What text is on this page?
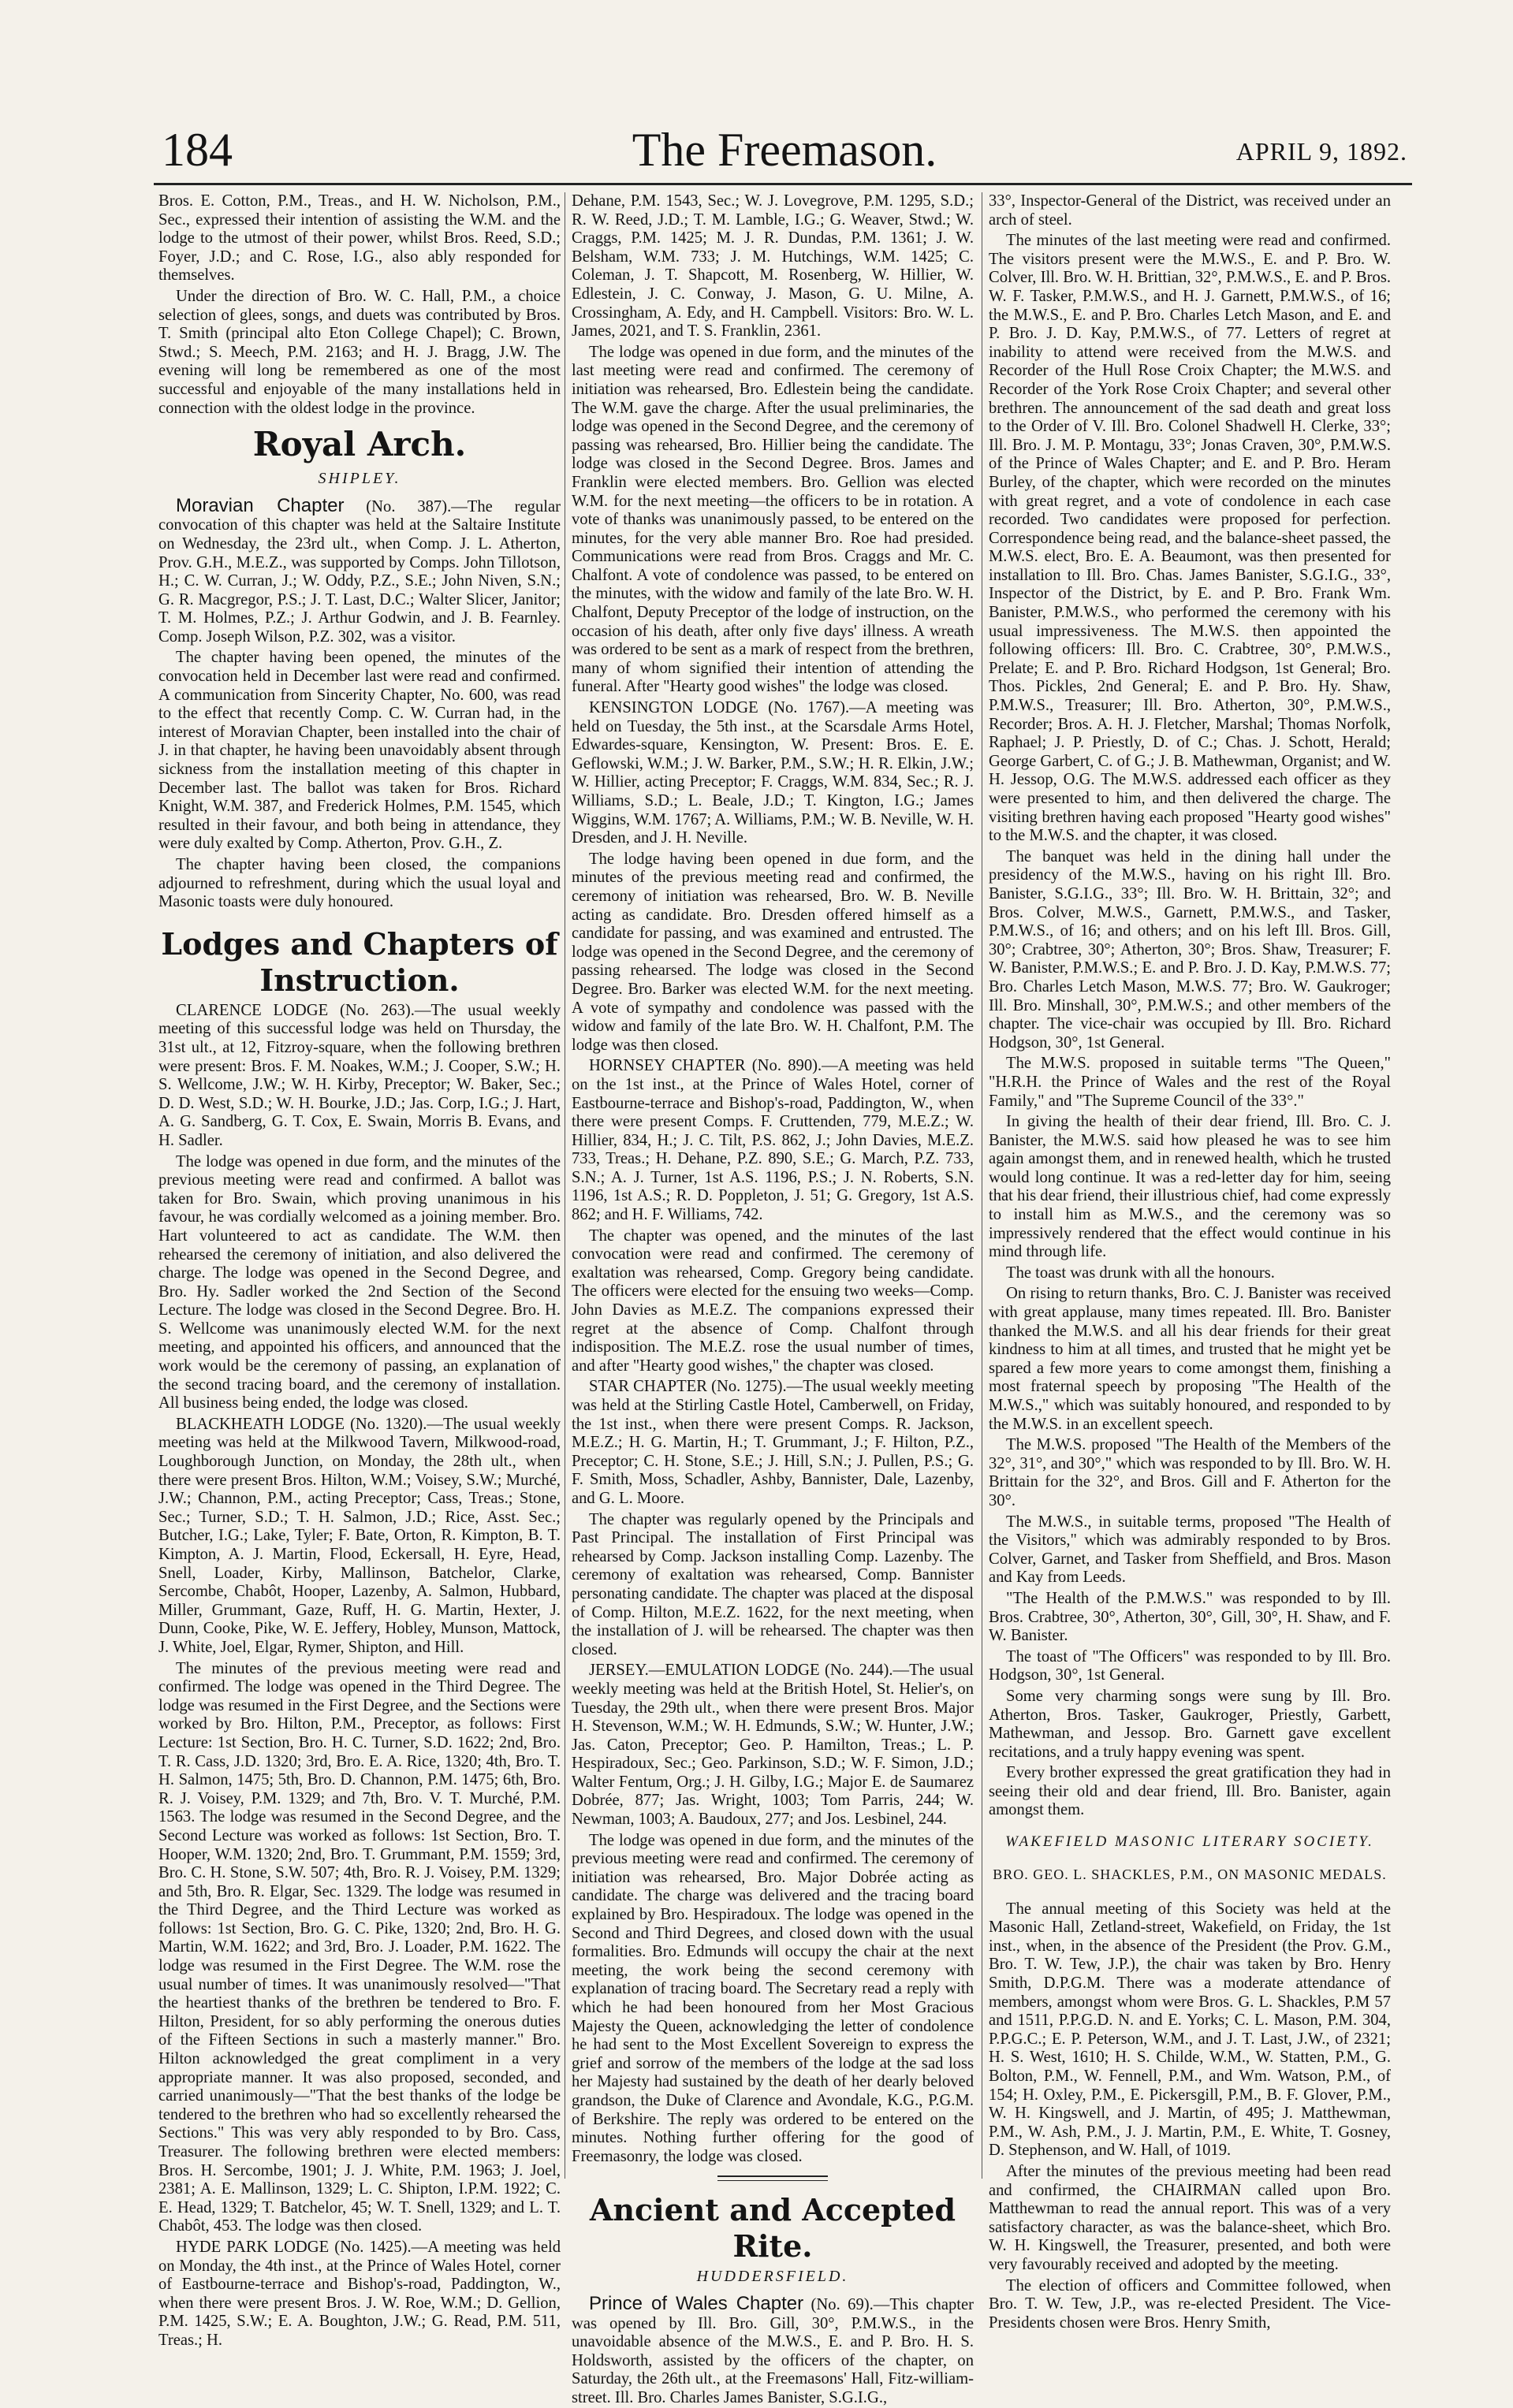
184	The Freemason.	APRIL 9, 1892.

Bros. E. Cotton, P.M., Treas., and H. W. Nicholson, P.M., Sec., expressed their intention of assisting the W.M. and the lodge to the utmost of their power, whilst Bros. Reed, S.D.; Foyer, J.D.; and C. Rose, I.G., also ably responded for themselves.

Under the direction of Bro. W. C. Hall, P.M., a choice selection of glees, songs, and duets was contributed by Bros. T. Smith (principal alto Eton College Chapel); C. Brown, Stwd.; S. Meech, P.M. 2163; and H. J. Bragg, J.W. The evening will long be remembered as one of the most successful and enjoyable of the many installations held in connection with the oldest lodge in the province.

Royal Arch.
SHIPLEY.

Moravian Chapter (No. 387).—The regular convocation of this chapter was held at the Saltaire Institute on Wednesday, the 23rd ult., when Comp. J. L. Atherton, Prov. G.H., M.E.Z., was supported by Comps. John Tillotson, H.; C. W. Curran, J.; W. Oddy, P.Z., S.E.; John Niven, S.N.; G. R. Macgregor, P.S.; J. T. Last, D.C.; Walter Slicer, Janitor; T. M. Holmes, P.Z.; J. Arthur Godwin, and J. B. Fearnley. Comp. Joseph Wilson, P.Z. 302, was a visitor.

The chapter having been opened, the minutes of the convocation held in December last were read and confirmed. A communication from Sincerity Chapter, No. 600, was read to the effect that recently Comp. C. W. Curran had, in the interest of Moravian Chapter, been installed into the chair of J. in that chapter, he having been unavoidably absent through sickness from the installation meeting of this chapter in December last. The ballot was taken for Bros. Richard Knight, W.M. 387, and Frederick Holmes, P.M. 1545, which resulted in their favour, and both being in attendance, they were duly exalted by Comp. Atherton, Prov. G.H., Z.

The chapter having been closed, the companions adjourned to refreshment, during which the usual loyal and Masonic toasts were duly honoured.

Lodges and Chapters of
Instruction.

CLARENCE LODGE (No. 263).—The usual weekly meeting of this successful lodge was held on Thursday, the 31st ult., at 12, Fitzroy-square, when the following brethren were present: Bros. F. M. Noakes, W.M.; J. Cooper, S.W.; H. S. Wellcome, J.W.; W. H. Kirby, Preceptor; W. Baker, Sec.; D. D. West, S.D.; W. H. Bourke, J.D.; Jas. Corp, I.G.; J. Hart, A. G. Sandberg, G. T. Cox, E. Swain, Morris B. Evans, and H. Sadler.

The lodge was opened in due form, and the minutes of the previous meeting were read and confirmed. A ballot was taken for Bro. Swain, which proving unanimous in his favour, he was cordially welcomed as a joining member. Bro. Hart volunteered to act as candidate. The W.M. then rehearsed the ceremony of initiation, and also delivered the charge. The lodge was opened in the Second Degree, and Bro. Hy. Sadler worked the 2nd Section of the Second Lecture. The lodge was closed in the Second Degree. Bro. H. S. Wellcome was unanimously elected W.M. for the next meeting, and appointed his officers, and announced that the work would be the ceremony of passing, an explanation of the second tracing board, and the ceremony of installation. All business being ended, the lodge was closed.

BLACKHEATH LODGE (No. 1320).—The usual weekly meeting was held at the Milkwood Tavern, Milkwood-road, Loughborough Junction, on Monday, the 28th ult., when there were present Bros. Hilton, W.M.; Voisey, S.W.; Murché, J.W.; Channon, P.M., acting Preceptor; Cass, Treas.; Stone, Sec.; Turner, S.D.; T. H. Salmon, J.D.; Rice, Asst. Sec.; Butcher, I.G.; Lake, Tyler; F. Bate, Orton, R. Kimpton, B. T. Kimpton, A. J. Martin, Flood, Eckersall, H. Eyre, Head, Snell, Loader, Kirby, Mallinson, Batchelor, Clarke, Sercombe, Chabôt, Hooper, Lazenby, A. Salmon, Hubbard, Miller, Grummant, Gaze, Ruff, H. G. Martin, Hexter, J. Dunn, Cooke, Pike, W. E. Jeffery, Hobley, Munson, Mattock, J. White, Joel, Elgar, Rymer, Shipton, and Hill.

The minutes of the previous meeting were read and confirmed. The lodge was opened in the Third Degree. The lodge was resumed in the First Degree, and the Sections were worked by Bro. Hilton, P.M., Preceptor, as follows: First Lecture: 1st Section, Bro. H. C. Turner, S.D. 1622; 2nd, Bro. T. R. Cass, J.D. 1320; 3rd, Bro. E. A. Rice, 1320; 4th, Bro. T. H. Salmon, 1475; 5th, Bro. D. Channon, P.M. 1475; 6th, Bro. R. J. Voisey, P.M. 1329; and 7th, Bro. V. T. Murché, P.M. 1563. The lodge was resumed in the Second Degree, and the Second Lecture was worked as follows: 1st Section, Bro. T. Hooper, W.M. 1320; 2nd, Bro. T. Grummant, P.M. 1559; 3rd, Bro. C. H. Stone, S.W. 507; 4th, Bro. R. J. Voisey, P.M. 1329; and 5th, Bro. R. Elgar, Sec. 1329. The lodge was resumed in the Third Degree, and the Third Lecture was worked as follows: 1st Section, Bro. G. C. Pike, 1320; 2nd, Bro. H. G. Martin, W.M. 1622; and 3rd, Bro. J. Loader, P.M. 1622. The lodge was resumed in the First Degree. The W.M. rose the usual number of times. It was unanimously resolved—"That the heartiest thanks of the brethren be tendered to Bro. F. Hilton, President, for so ably performing the onerous duties of the Fifteen Sections in such a masterly manner." Bro. Hilton acknowledged the great compliment in a very appropriate manner. It was also proposed, seconded, and carried unanimously—"That the best thanks of the lodge be tendered to the brethren who had so excellently rehearsed the Sections." This was very ably responded to by Bro. Cass, Treasurer. The following brethren were elected members: Bros. H. Sercombe, 1901; J. J. White, P.M. 1963; J. Joel, 2381; A. E. Mallinson, 1329; L. C. Shipton, I.P.M. 1922; C. E. Head, 1329; T. Batchelor, 45; W. T. Snell, 1329; and L. T. Chabôt, 453. The lodge was then closed.

HYDE PARK LODGE (No. 1425).—A meeting was held on Monday, the 4th inst., at the Prince of Wales Hotel, corner of Eastbourne-terrace and Bishop's-road, Paddington, W., when there were present Bros. J. W. Roe, W.M.; D. Gellion, P.M. 1425, S.W.; E. A. Boughton, J.W.; G. Read, P.M. 511, Treas.; H.

Dehane, P.M. 1543, Sec.; W. J. Lovegrove, P.M. 1295, S.D.; R. W. Reed, J.D.; T. M. Lamble, I.G.; G. Weaver, Stwd.; W. Craggs, P.M. 1425; M. J. R. Dundas, P.M. 1361; J. W. Belsham, W.M. 733; J. M. Hutchings, W.M. 1425; C. Coleman, J. T. Shapcott, M. Rosenberg, W. Hillier, W. Edlestein, J. C. Conway, J. Mason, G. U. Milne, A. Crossingham, A. Edy, and H. Campbell. Visitors: Bro. W. L. James, 2021, and T. S. Franklin, 2361.

The lodge was opened in due form, and the minutes of the last meeting were read and confirmed. The ceremony of initiation was rehearsed, Bro. Edlestein being the candidate. The W.M. gave the charge. After the usual preliminaries, the lodge was opened in the Second Degree, and the ceremony of passing was rehearsed, Bro. Hillier being the candidate. The lodge was closed in the Second Degree. Bros. James and Franklin were elected members. Bro. Gellion was elected W.M. for the next meeting—the officers to be in rotation. A vote of thanks was unanimously passed, to be entered on the minutes, for the very able manner Bro. Roe had presided. Communications were read from Bros. Craggs and Mr. C. Chalfont. A vote of condolence was passed, to be entered on the minutes, with the widow and family of the late Bro. W. H. Chalfont, Deputy Preceptor of the lodge of instruction, on the occasion of his death, after only five days' illness. A wreath was ordered to be sent as a mark of respect from the brethren, many of whom signified their intention of attending the funeral. After "Hearty good wishes" the lodge was closed.

KENSINGTON LODGE (No. 1767).—A meeting was held on Tuesday, the 5th inst., at the Scarsdale Arms Hotel, Edwardes-square, Kensington, W. Present: Bros. E. E. Geflowski, W.M.; J. W. Barker, P.M., S.W.; H. R. Elkin, J.W.; W. Hillier, acting Preceptor; F. Craggs, W.M. 834, Sec.; R. J. Williams, S.D.; L. Beale, J.D.; T. Kington, I.G.; James Wiggins, W.M. 1767; A. Williams, P.M.; W. B. Neville, W. H. Dresden, and J. H. Neville.

The lodge having been opened in due form, and the minutes of the previous meeting read and confirmed, the ceremony of initiation was rehearsed, Bro. W. B. Neville acting as candidate. Bro. Dresden offered himself as a candidate for passing, and was examined and entrusted. The lodge was opened in the Second Degree, and the ceremony of passing rehearsed. The lodge was closed in the Second Degree. Bro. Barker was elected W.M. for the next meeting. A vote of sympathy and condolence was passed with the widow and family of the late Bro. W. H. Chalfont, P.M. The lodge was then closed.

HORNSEY CHAPTER (No. 890).—A meeting was held on the 1st inst., at the Prince of Wales Hotel, corner of Eastbourne-terrace and Bishop's-road, Paddington, W., when there were present Comps. F. Cruttenden, 779, M.E.Z.; W. Hillier, 834, H.; J. C. Tilt, P.S. 862, J.; John Davies, M.E.Z. 733, Treas.; H. Dehane, P.Z. 890, S.E.; G. March, P.Z. 733, S.N.; A. J. Turner, 1st A.S. 1196, P.S.; J. N. Roberts, S.N. 1196, 1st A.S.; R. D. Poppleton, J. 51; G. Gregory, 1st A.S. 862; and H. F. Williams, 742.

The chapter was opened, and the minutes of the last convocation were read and confirmed. The ceremony of exaltation was rehearsed, Comp. Gregory being candidate. The officers were elected for the ensuing two weeks—Comp. John Davies as M.E.Z. The companions expressed their regret at the absence of Comp. Chalfont through indisposition. The M.E.Z. rose the usual number of times, and after "Hearty good wishes," the chapter was closed.

STAR CHAPTER (No. 1275).—The usual weekly meeting was held at the Stirling Castle Hotel, Camberwell, on Friday, the 1st inst., when there were present Comps. R. Jackson, M.E.Z.; H. G. Martin, H.; T. Grummant, J.; F. Hilton, P.Z., Preceptor; C. H. Stone, S.E.; J. Hill, S.N.; J. Pullen, P.S.; G. F. Smith, Moss, Schadler, Ashby, Bannister, Dale, Lazenby, and G. L. Moore.

The chapter was regularly opened by the Principals and Past Principal. The installation of First Principal was rehearsed by Comp. Jackson installing Comp. Lazenby. The ceremony of exaltation was rehearsed, Comp. Bannister personating candidate. The chapter was placed at the disposal of Comp. Hilton, M.E.Z. 1622, for the next meeting, when the installation of J. will be rehearsed. The chapter was then closed.

JERSEY.—EMULATION LODGE (No. 244).—The usual weekly meeting was held at the British Hotel, St. Helier's, on Tuesday, the 29th ult., when there were present Bros. Major H. Stevenson, W.M.; W. H. Edmunds, S.W.; W. Hunter, J.W.; Jas. Caton, Preceptor; Geo. P. Hamilton, Treas.; L. P. Hespiradoux, Sec.; Geo. Parkinson, S.D.; W. F. Simon, J.D.; Walter Fentum, Org.; J. H. Gilby, I.G.; Major E. de Saumarez Dobrée, 877; Jas. Wright, 1003; Tom Parris, 244; W. Newman, 1003; A. Baudoux, 277; and Jos. Lesbinel, 244.

The lodge was opened in due form, and the minutes of the previous meeting were read and confirmed. The ceremony of initiation was rehearsed, Bro. Major Dobrée acting as candidate. The charge was delivered and the tracing board explained by Bro. Hespiradoux. The lodge was opened in the Second and Third Degrees, and closed down with the usual formalities. Bro. Edmunds will occupy the chair at the next meeting, the work being the second ceremony with explanation of tracing board. The Secretary read a reply with which he had been honoured from her Most Gracious Majesty the Queen, acknowledging the letter of condolence he had sent to the Most Excellent Sovereign to express the grief and sorrow of the members of the lodge at the sad loss her Majesty had sustained by the death of her dearly beloved grandson, the Duke of Clarence and Avondale, K.G., P.G.M. of Berkshire. The reply was ordered to be entered on the minutes. Nothing further offering for the good of Freemasonry, the lodge was closed.

Ancient and Accepted Rite.
HUDDERSFIELD.

Prince of Wales Chapter (No. 69).—This chapter was opened by Ill. Bro. Gill, 30°, P.M.W.S., in the unavoidable absence of the M.W.S., E. and P. Bro. H. S. Holdsworth, assisted by the officers of the chapter, on Saturday, the 26th ult., at the Freemasons' Hall, Fitz-william-street. Ill. Bro. Charles James Banister, S.G.I.G.,

33°, Inspector-General of the District, was received under an arch of steel.

The minutes of the last meeting were read and confirmed. The visitors present were the M.W.S., E. and P. Bro. W. Colver, Ill. Bro. W. H. Brittian, 32°, P.M.W.S., E. and P. Bros. W. F. Tasker, P.M.W.S., and H. J. Garnett, P.M.W.S., of 16; the M.W.S., E. and P. Bro. Charles Letch Mason, and E. and P. Bro. J. D. Kay, P.M.W.S., of 77. Letters of regret at inability to attend were received from the M.W.S. and Recorder of the Hull Rose Croix Chapter; the M.W.S. and Recorder of the York Rose Croix Chapter; and several other brethren. The announcement of the sad death and great loss to the Order of V. Ill. Bro. Colonel Shadwell H. Clerke, 33°; Ill. Bro. J. M. P. Montagu, 33°; Jonas Craven, 30°, P.M.W.S. of the Prince of Wales Chapter; and E. and P. Bro. Heram Burley, of the chapter, which were recorded on the minutes with great regret, and a vote of condolence in each case recorded. Two candidates were proposed for perfection. Correspondence being read, and the balance-sheet passed, the M.W.S. elect, Bro. E. A. Beaumont, was then presented for installation to Ill. Bro. Chas. James Banister, S.G.I.G., 33°, Inspector of the District, by E. and P. Bro. Frank Wm. Banister, P.M.W.S., who performed the ceremony with his usual impressiveness. The M.W.S. then appointed the following officers: Ill. Bro. C. Crabtree, 30°, P.M.W.S., Prelate; E. and P. Bro. Richard Hodgson, 1st General; Bro. Thos. Pickles, 2nd General; E. and P. Bro. Hy. Shaw, P.M.W.S., Treasurer; Ill. Bro. Atherton, 30°, P.M.W.S., Recorder; Bros. A. H. J. Fletcher, Marshal; Thomas Norfolk, Raphael; J. P. Priestly, D. of C.; Chas. J. Schott, Herald; George Garbert, C. of G.; J. B. Mathewman, Organist; and W. H. Jessop, O.G. The M.W.S. addressed each officer as they were presented to him, and then delivered the charge. The visiting brethren having each proposed "Hearty good wishes" to the M.W.S. and the chapter, it was closed.

The banquet was held in the dining hall under the presidency of the M.W.S., having on his right Ill. Bro. Banister, S.G.I.G., 33°; Ill. Bro. W. H. Brittain, 32°; and Bros. Colver, M.W.S., Garnett, P.M.W.S., and Tasker, P.M.W.S., of 16; and others; and on his left Ill. Bros. Gill, 30°; Crabtree, 30°; Atherton, 30°; Bros. Shaw, Treasurer; F. W. Banister, P.M.W.S.; E. and P. Bro. J. D. Kay, P.M.W.S. 77; Bro. Charles Letch Mason, M.W.S. 77; Bro. W. Gaukroger; Ill. Bro. Minshall, 30°, P.M.W.S.; and other members of the chapter. The vice-chair was occupied by Ill. Bro. Richard Hodgson, 30°, 1st General.

The M.W.S. proposed in suitable terms "The Queen," "H.R.H. the Prince of Wales and the rest of the Royal Family," and "The Supreme Council of the 33°."

In giving the health of their dear friend, Ill. Bro. C. J. Banister, the M.W.S. said how pleased he was to see him again amongst them, and in renewed health, which he trusted would long continue. It was a red-letter day for him, seeing that his dear friend, their illustrious chief, had come expressly to install him as M.W.S., and the ceremony was so impressively rendered that the effect would continue in his mind through life.

The toast was drunk with all the honours.

On rising to return thanks, Bro. C. J. Banister was received with great applause, many times repeated. Ill. Bro. Banister thanked the M.W.S. and all his dear friends for their great kindness to him at all times, and trusted that he might yet be spared a few more years to come amongst them, finishing a most fraternal speech by proposing "The Health of the M.W.S.," which was suitably honoured, and responded to by the M.W.S. in an excellent speech.

The M.W.S. proposed "The Health of the Members of the 32°, 31°, and 30°," which was responded to by Ill. Bro. W. H. Brittain for the 32°, and Bros. Gill and F. Atherton for the 30°.

The M.W.S., in suitable terms, proposed "The Health of the Visitors," which was admirably responded to by Bros. Colver, Garnet, and Tasker from Sheffield, and Bros. Mason and Kay from Leeds.

"The Health of the P.M.W.S." was responded to by Ill. Bros. Crabtree, 30°, Atherton, 30°, Gill, 30°, H. Shaw, and F. W. Banister.

The toast of "The Officers" was responded to by Ill. Bro. Hodgson, 30°, 1st General.

Some very charming songs were sung by Ill. Bro. Atherton, Bros. Tasker, Gaukroger, Priestly, Garbett, Mathewman, and Jessop. Bro. Garnett gave excellent recitations, and a truly happy evening was spent.

Every brother expressed the great gratification they had in seeing their old and dear friend, Ill. Bro. Banister, again amongst them.

WAKEFIELD MASONIC LITERARY SOCIETY.
BRO. GEO. L. SHACKLES, P.M., ON MASONIC MEDALS.

The annual meeting of this Society was held at the Masonic Hall, Zetland-street, Wakefield, on Friday, the 1st inst., when, in the absence of the President (the Prov. G.M., Bro. T. W. Tew, J.P.), the chair was taken by Bro. Henry Smith, D.P.G.M. There was a moderate attendance of members, amongst whom were Bros. G. L. Shackles, P.M 57 and 1511, P.P.G.D. N. and E. Yorks; C. L. Mason, P.M. 304, P.P.G.C.; E. P. Peterson, W.M., and J. T. Last, J.W., of 2321; H. S. West, 1610; H. S. Childe, W.M., W. Statten, P.M., G. Bolton, P.M., W. Fennell, P.M., and Wm. Watson, P.M., of 154; H. Oxley, P.M., E. Pickersgill, P.M., B. F. Glover, P.M., W. H. Kingswell, and J. Martin, of 495; J. Matthewman, P.M., W. Ash, P.M., J. J. Martin, P.M., E. White, T. Gosney, D. Stephenson, and W. Hall, of 1019.

After the minutes of the previous meeting had been read and confirmed, the CHAIRMAN called upon Bro. Matthewman to read the annual report. This was of a very satisfactory character, as was the balance-sheet, which Bro. W. H. Kingswell, the Treasurer, presented, and both were very favourably received and adopted by the meeting.

The election of officers and Committee followed, when Bro. T. W. Tew, J.P., was re-elected President. The Vice-Presidents chosen were Bros. Henry Smith,
